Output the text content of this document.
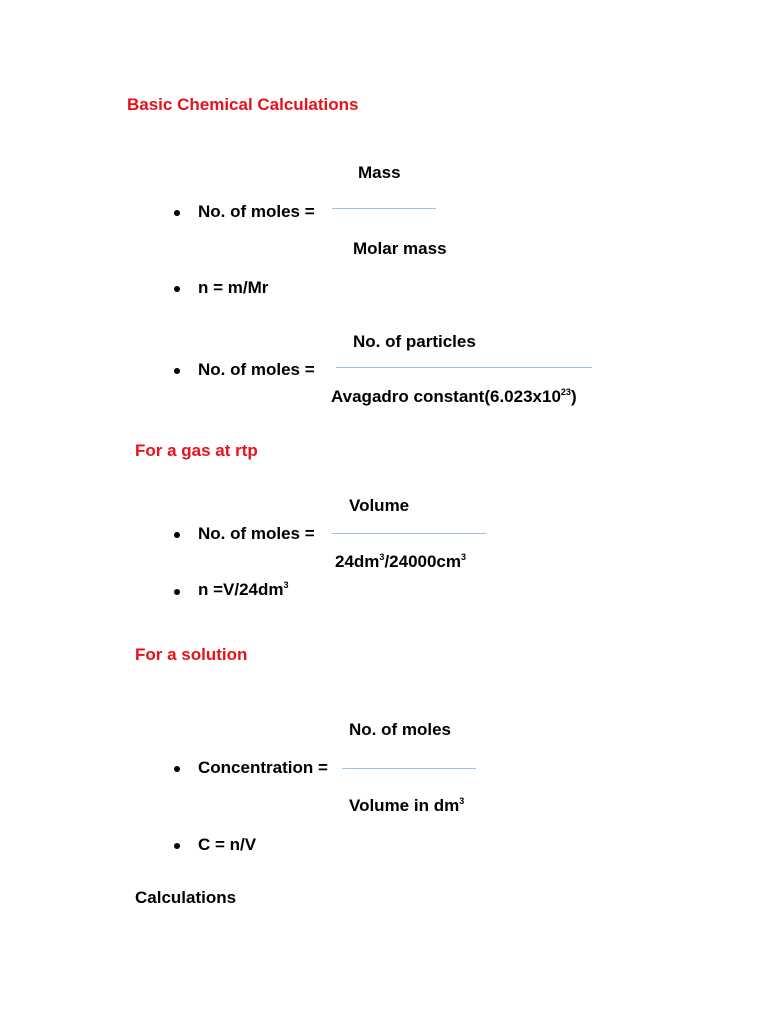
Basic Chemical Calculations
Mass
No. of moles =
Molar mass
n = m/Mr
No. of particles
No. of moles =
Avagadro $constant(6.023x10^{23})$
For a gas at rtp
Volume
No. of moles =
$24dm^3/24000cm^3$
$n =V/24dm^3$
For a solution
No. of moles
Concentration =
Volume in $dm^3$
C = n/V
Calculations
